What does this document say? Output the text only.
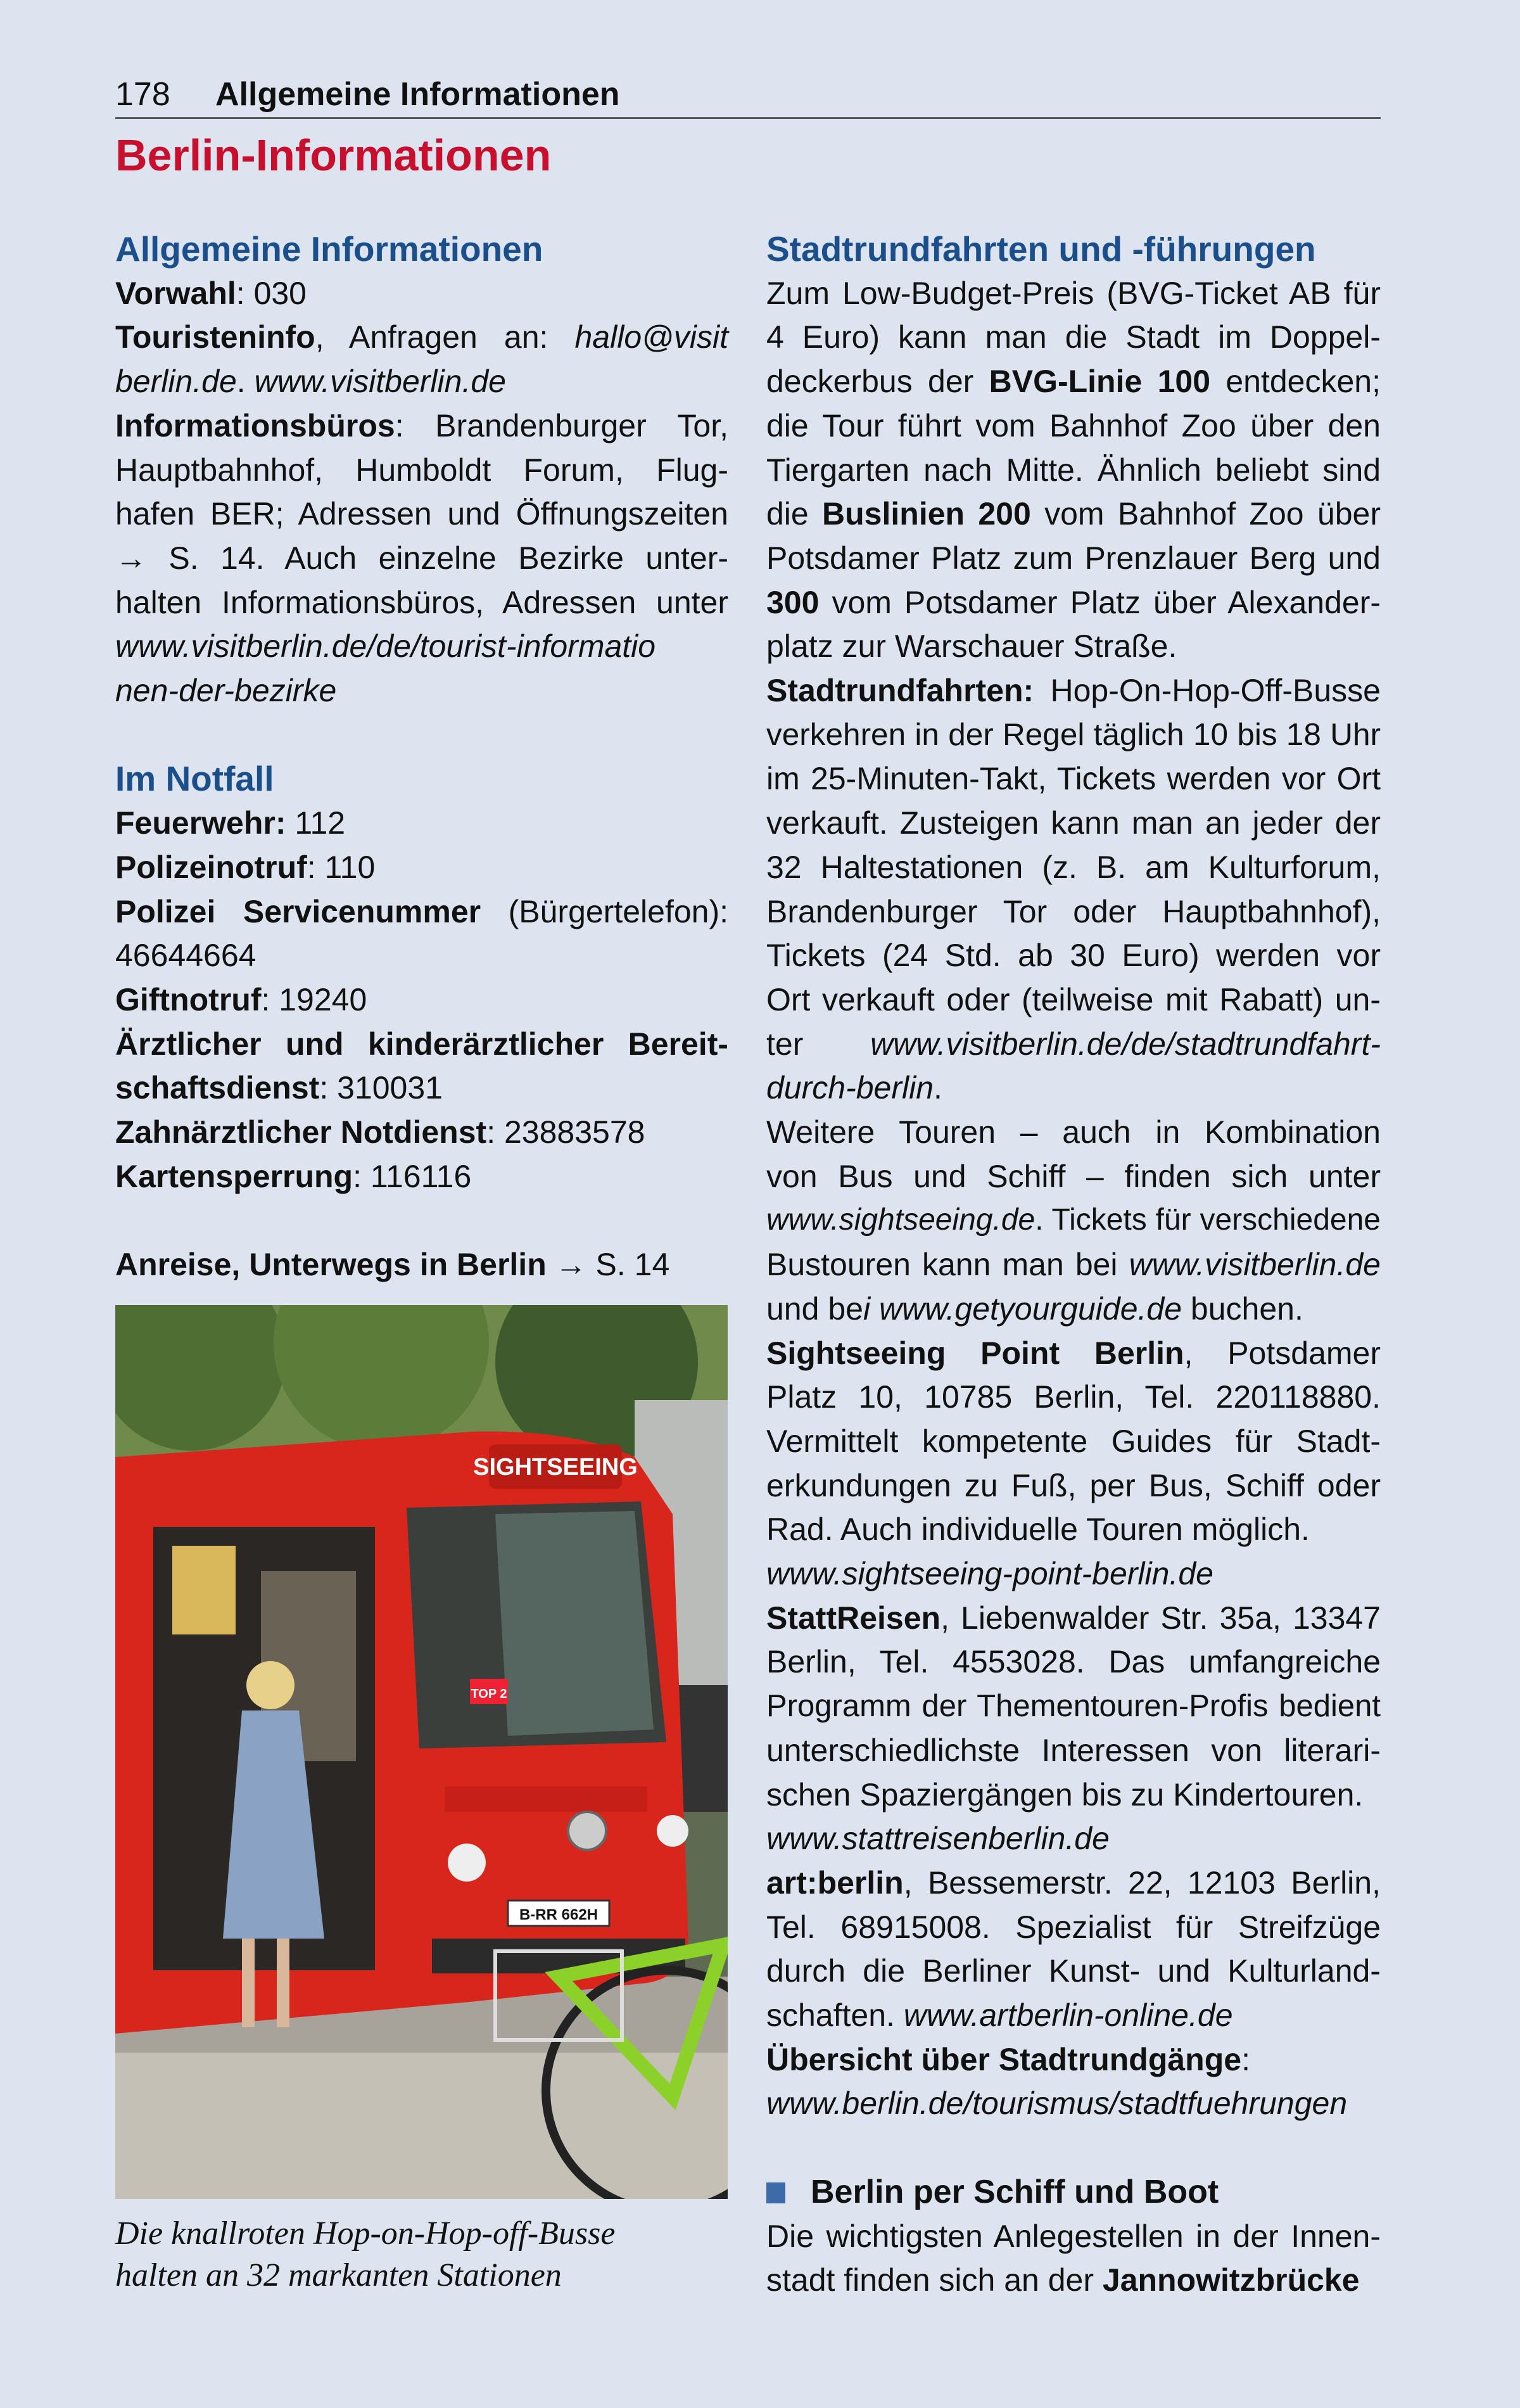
178 Allgemeine Informationen
Berlin-Informationen
Allgemeine Informationen
Vorwahl: 030
Touristeninfo, Anfragen an: hallo@visit
berlin.de. www.visitberlin.de
Informationsbüros: Brandenburger Tor,
Hauptbahnhof, Humboldt Forum, Flug-
hafen BER; Adressen und Öffnungszeiten
→ S. 14. Auch einzelne Bezirke unter-
halten Informationsbüros, Adressen unter
www.visitberlin.de/de/tourist-informatio
nen-der-bezirke
Im Notfall
Feuerwehr: 112
Polizeinotruf: 110
Polizei Servicenummer (Bürgertelefon):
46644664
Giftnotruf: 19240
Ärztlicher und kinderärztlicher Bereit-
schaftsdienst: 310031
Zahnärztlicher Notdienst: 23883578
Kartensperrung: 116116
Anreise, Unterwegs in Berlin → S. 14
Stadtrundfahrten und -führungen
Zum Low-Budget-Preis (BVG-Ticket AB für
4 Euro) kann man die Stadt im Doppel-
deckerbus der BVG-Linie 100 entdecken;
die Tour führt vom Bahnhof Zoo über den
Tiergarten nach Mitte. Ähnlich beliebt sind
die Buslinien 200 vom Bahnhof Zoo über
Potsdamer Platz zum Prenzlauer Berg und
300 vom Potsdamer Platz über Alexander-
platz zur Warschauer Straße.
Stadtrundfahrten: Hop-On-Hop-Off-Busse
verkehren in der Regel täglich 10 bis 18 Uhr
im 25-Minuten-Takt, Tickets werden vor Ort
verkauft. Zusteigen kann man an jeder der
32 Haltestationen (z. B. am Kulturforum,
Brandenburger Tor oder Hauptbahnhof),
Tickets (24 Std. ab 30 Euro) werden vor
Ort verkauft oder (teilweise mit Rabatt) un-
ter www.visitberlin.de/de/stadtrundfahrt-
durch-berlin.
Weitere Touren – auch in Kombination
von Bus und Schiff – finden sich unter
www.sightseeing.de. Tickets für verschiedene
Bustouren kann man bei www.visitberlin.de
und bei www.getyourguide.de buchen.
Sightseeing Point Berlin, Potsdamer
Platz 10, 10785 Berlin, Tel. 220118880.
Vermittelt kompetente Guides für Stadt-
erkundungen zu Fuß, per Bus, Schiff oder
Rad. Auch individuelle Touren möglich.
www.sightseeing-point-berlin.de
StattReisen, Liebenwalder Str. 35a, 13347
Berlin, Tel. 4553028. Das umfangreiche
Programm der Thementouren-Profis bedient
unterschiedlichste Interessen von literari-
schen Spaziergängen bis zu Kindertouren.
www.stattreisenberlin.de
art:berlin, Bessemerstr. 22, 12103 Berlin,
Tel. 68915008. Spezialist für Streifzüge
durch die Berliner Kunst- und Kulturland-
schaften. www.artberlin-online.de
Übersicht über Stadtrundgänge:
www.berlin.de/tourismus/stadtfuehrungen
Berlin per Schiff und Boot
Die wichtigsten Anlegestellen in der Innen-
stadt finden sich an der Jannowitzbrücke
SIGHTSEEING
TOP 2
B-RR 662H
Die knallroten Hop-on-Hop-off-Busse
halten an 32 markanten Stationen
